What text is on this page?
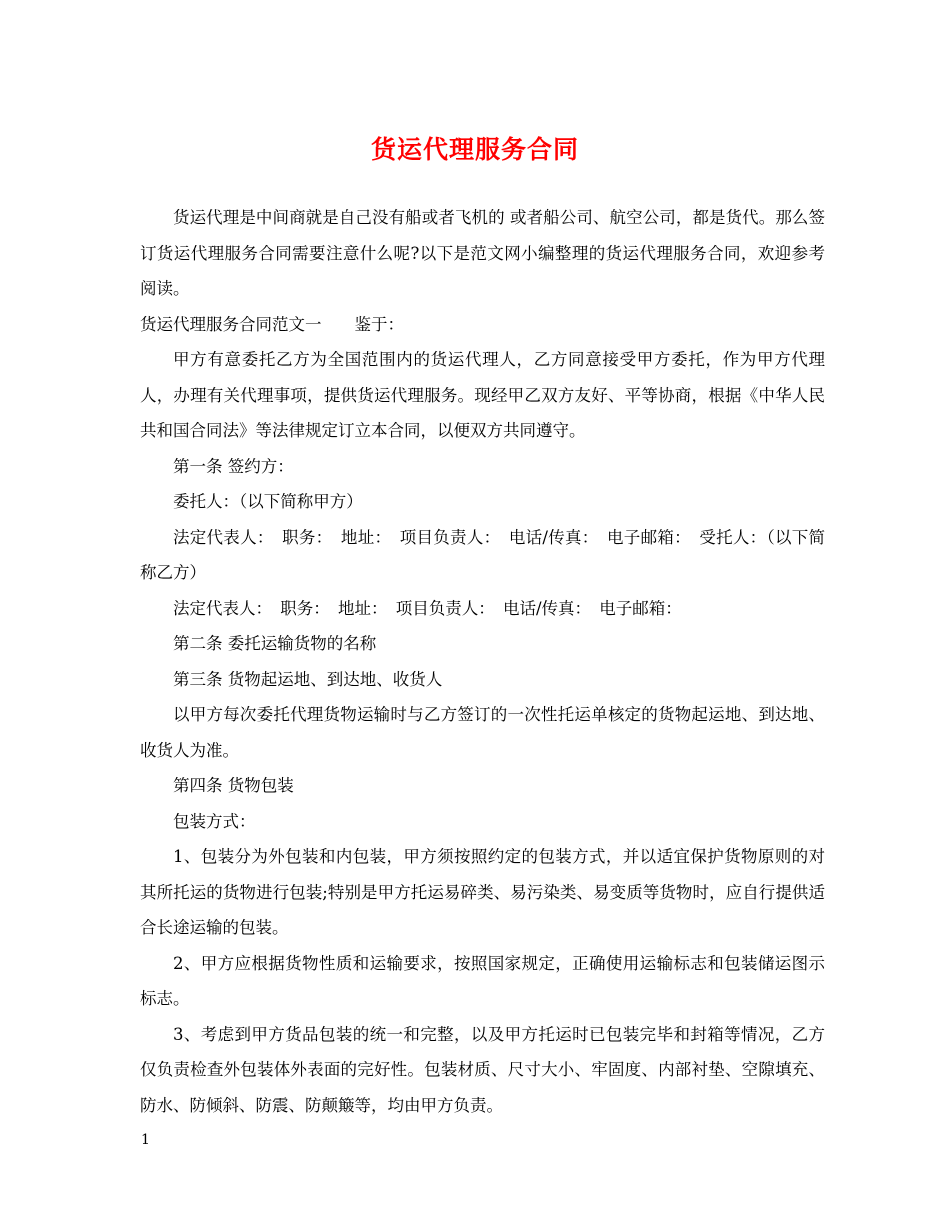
货运代理服务合同

货运代理是中间商就是自己没有船或者飞机的 或者船公司、航空公司，都是货代。那么签订货运代理服务合同需要注意什么呢?以下是范文网小编整理的货运代理服务合同，欢迎参考阅读。

货运代理服务合同范文一　　鉴于：

甲方有意委托乙方为全国范围内的货运代理人，乙方同意接受甲方委托，作为甲方代理人，办理有关代理事项，提供货运代理服务。现经甲乙双方友好、平等协商，根据《中华人民共和国合同法》等法律规定订立本合同，以便双方共同遵守。

第一条 签约方：

委托人：（以下简称甲方）

法定代表人：　职务：　地址：　项目负责人：　电话/传真：　电子邮箱：　受托人：（以下简称乙方）

法定代表人：　职务：　地址：　项目负责人：　电话/传真：　电子邮箱：

第二条 委托运输货物的名称

第三条 货物起运地、到达地、收货人

以甲方每次委托代理货物运输时与乙方签订的一次性托运单核定的货物起运地、到达地、收货人为准。

第四条 货物包装

包装方式：

1、包装分为外包装和内包装，甲方须按照约定的包装方式，并以适宜保护货物原则的对其所托运的货物进行包装;特别是甲方托运易碎类、易污染类、易变质等货物时，应自行提供适合长途运输的包装。

2、甲方应根据货物性质和运输要求，按照国家规定，正确使用运输标志和包装储运图示标志。

3、考虑到甲方货品包装的统一和完整，以及甲方托运时已包装完毕和封箱等情况，乙方仅负责检查外包装体外表面的完好性。包装材质、尺寸大小、牢固度、内部衬垫、空隙填充、防水、防倾斜、防震、防颠簸等，均由甲方负责。

1
